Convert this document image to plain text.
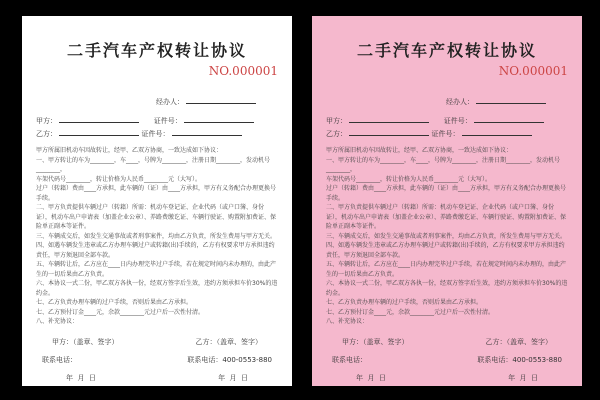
二手汽车产权转让协议
NO.000001
经办人：
甲方：	证件号：
乙方：	证件号：

甲方所属旧机动车因故转让，经甲、乙双方协商，一致达成如下协议：

一、甲方转让的车为________，车____，号牌为________，注册日期________，发动机号________，

车架代码号________，转让价格为人民币________元（大写）。

过户（转籍）费由____方承担，此车辆的（证）由____方承担，甲方有义务配合办理更换号手续。

二、甲方负责提供车辆过户（转籍）所需：机动车登记证、企业代码（或户口簿、身份证），机动车出户申请表（加盖企业公章）、养路费缴讫证、车辆行驶证、购置附加费证、保险单正副本等证件。

三、车辆成交后，如发生交通事故或者刑事案件，均由乙方负责，所发生费用与甲方无关。

四、如遇车辆发生违章或乙方办理车辆过户或转籍(出)手续的，乙方有权要求甲方承担违约责任，甲方须退回全部车款。

五、车辆转让后，乙方应在____日内办理完毕过户手续，若在规定时间内未办理的，由此产生的一切后果由乙方负责。

六、本协议一式二份，甲乙双方各执一份，经双方签字后生效，违约方须承担车价30%的违约金。

七、乙方负责办理车辆的过户手续，否则后果由乙方承担。

七、乙方预付订金____元，余款________元过户后一次性付清。

八、补充协议：

甲方：（盖章、签字）	乙方：（盖章、签字）
联系电话：	联系电话：400-0553-880
年 月 日	年 月 日
二手汽车产权转让协议
NO.000001
经办人：
甲方：	证件号：
乙方：	证件号：

甲方所属旧机动车因故转让，经甲、乙双方协商，一致达成如下协议：

一、甲方转让的车为________，车____，号牌为________，注册日期________，发动机号________，

车架代码号________，转让价格为人民币________元（大写）。

过户（转籍）费由____方承担，此车辆的（证）由____方承担，甲方有义务配合办理更换号手续。

二、甲方负责提供车辆过户（转籍）所需：机动车登记证、企业代码（或户口簿、身份证），机动车出户申请表（加盖企业公章）、养路费缴讫证、车辆行驶证、购置附加费证、保险单正副本等证件。

三、车辆成交后，如发生交通事故或者刑事案件，均由乙方负责，所发生费用与甲方无关。

四、如遇车辆发生违章或乙方办理车辆过户或转籍(出)手续的，乙方有权要求甲方承担违约责任，甲方须退回全部车款。

五、车辆转让后，乙方应在____日内办理完毕过户手续，若在规定时间内未办理的，由此产生的一切后果由乙方负责。

六、本协议一式二份，甲乙双方各执一份，经双方签字后生效，违约方须承担车价30%的违约金。

七、乙方负责办理车辆的过户手续，否则后果由乙方承担。

七、乙方预付订金____元，余款________元过户后一次性付清。

八、补充协议：

甲方：（盖章、签字）	乙方：（盖章、签字）
联系电话：	联系电话：400-0553-880
年 月 日	年 月 日
